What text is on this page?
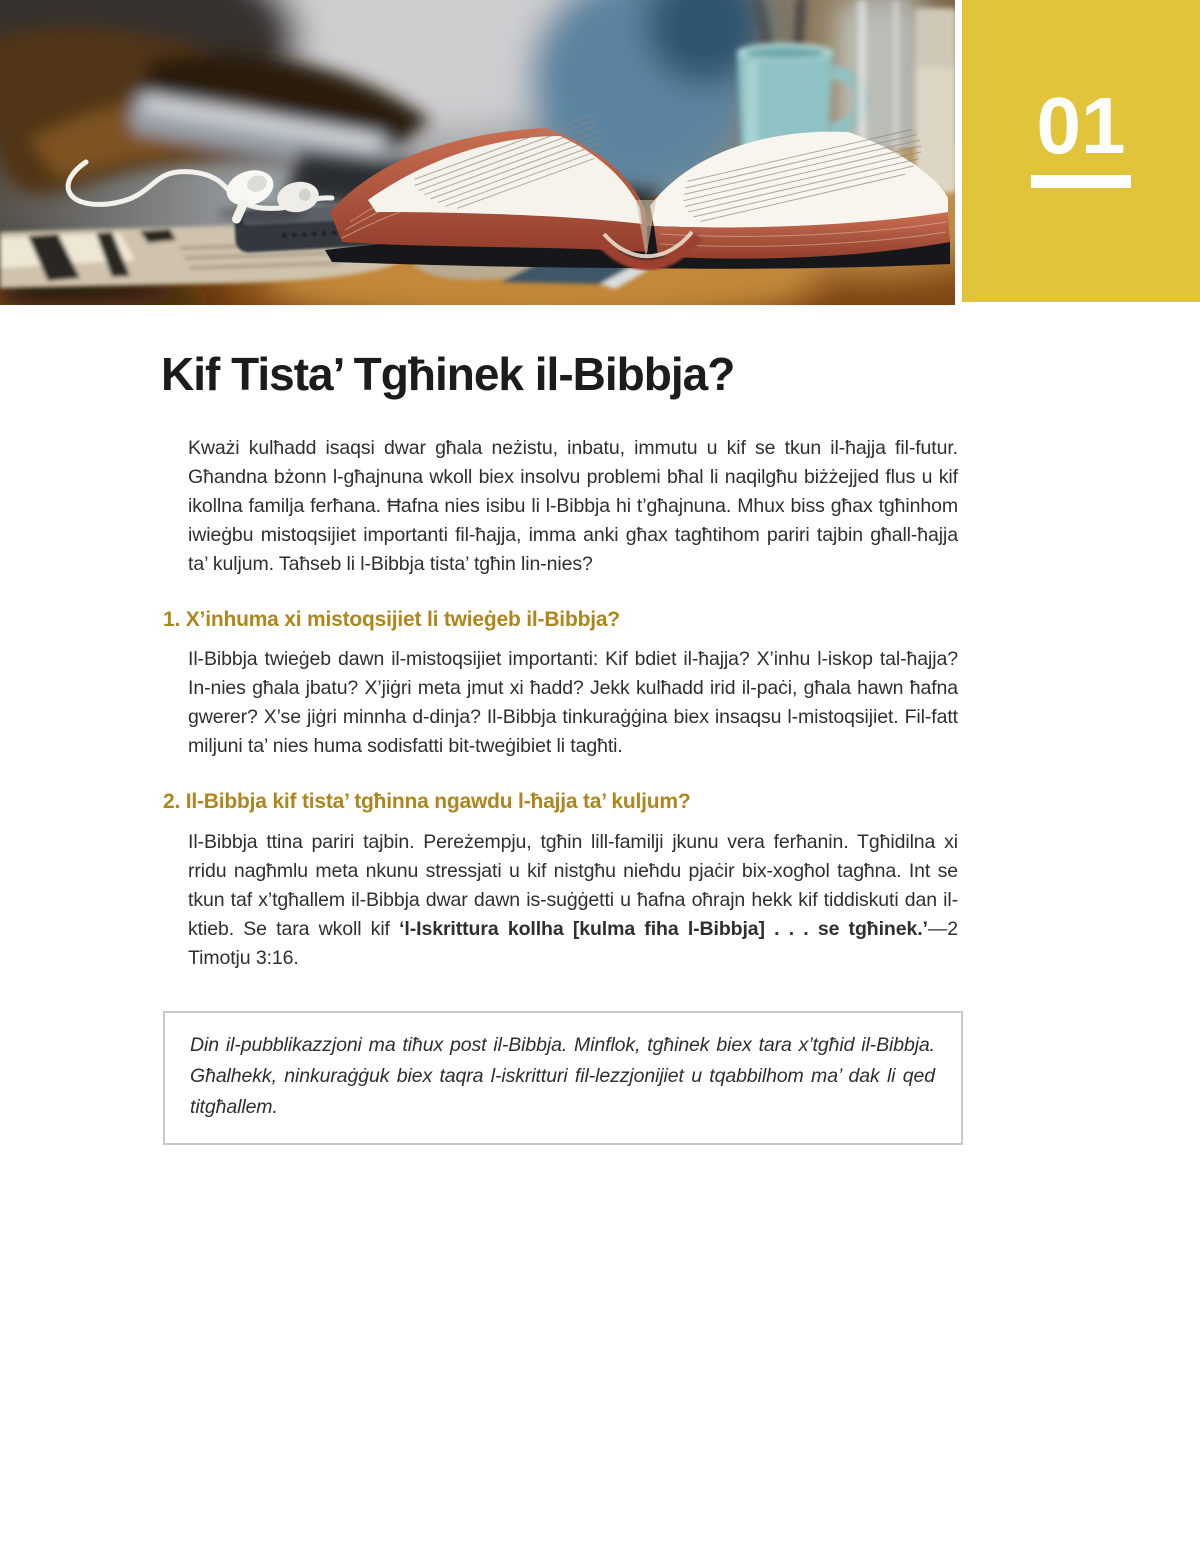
01
Kif Tista’ Tgħinek il-Bibbja?

Kważi kulħadd isaqsi dwar għala neżistu, inbatu, immutu u kif se tkun il-ħajja fil-futur. Għandna bżonn l-għajnuna wkoll biex insolvu problemi bħal li naqilgħu biżżejjed flus u kif ikollna familja ferħana. Ħafna nies isibu li l-Bibbja hi t’għajnuna. Mhux biss għax tgħinhom iwieġbu mistoqsijiet importanti fil-ħajja, imma anki għax tagħtihom pariri tajbin għall-ħajja ta’ kuljum. Taħseb li l-Bibbja tista’ tgħin lin-nies?

1. X’inhuma xi mistoqsijiet li twieġeb il-Bibbja?

Il-Bibbja twieġeb dawn il-mistoqsijiet importanti: Kif bdiet il-ħajja? X’inhu l-iskop tal-ħajja? In-nies għala jbatu? X’jiġri meta jmut xi ħadd? Jekk kulħadd irid il-paċi, għala hawn ħafna gwerer? X’se jiġri minnha d-dinja? Il-Bibbja tinkuraġġina biex insaqsu l-mistoqsijiet. Fil-fatt miljuni ta’ nies huma sodisfatti bit-tweġibiet li tagħti.

2. Il-Bibbja kif tista’ tgħinna ngawdu l-ħajja ta’ kuljum?

Il-Bibbja ttina pariri tajbin. Pereżempju, tgħin lill-familji jkunu vera ferħanin. Tgħidilna xi rridu nagħmlu meta nkunu stressjati u kif nistgħu nieħdu pjaċir bix-xogħol tagħna. Int se tkun taf x’tgħallem il-Bibbja dwar dawn is-suġġetti u ħafna oħrajn hekk kif tiddiskuti dan il-ktieb. Se tara wkoll kif ‘l-Iskrittura kollha [kulma fiha l-Bibbja] . . . se tgħinek.’—2 Timotju 3:16.

Din il-pubblikazzjoni ma tiħux post il-Bibbja. Minflok, tgħinek biex tara x’tgħid il-Bibbja. Għalhekk, ninkuraġġuk biex taqra l-iskritturi fil-lezzjonijiet u tqabbilhom ma’ dak li qed titgħallem.
